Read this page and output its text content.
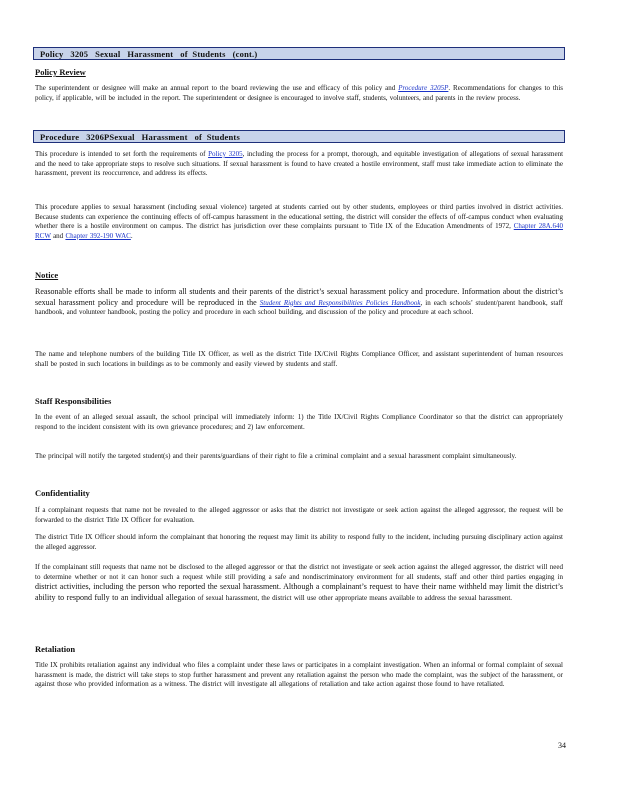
Policy   3205   Sexual   Harassment   of  Students   (cont.)
Policy Review
The superintendent or designee will make an annual report to the board reviewing the use and efficacy of this policy and Procedure 3205P. Recommendations for changes to this policy, if applicable, will be included in the report. The superintendent or designee is encouraged to involve staff, students, volunteers, and parents in the review process.
Procedure   3206PSexual   Harassment   of  Students
This procedure is intended to set forth the requirements of Policy 3205, including the process for a prompt, thorough, and equitable investigation of allegations of sexual harassment and the need to take appropriate steps to resolve such situations. If sexual harassment is found to have created a hostile environment, staff must take immediate action to eliminate the harassment, prevent its reoccurrence, and address its effects.
This procedure applies to sexual harassment (including sexual violence) targeted at students carried out by other students, employees or third parties involved in district activities. Because students can experience the continuing effects of off-campus harassment in the educational setting, the district will consider the effects of off-campus conduct when evaluating whether there is a hostile environment on campus. The district has jurisdiction over these complaints pursuant to Title IX of the Education Amendments of 1972, Chapter 28A.640 RCW and Chapter 392-190 WAC.
Notice
Reasonable efforts shall be made to inform all students and their parents of the district’s sexual harassment policy and procedure. Information about the district’s sexual harassment policy and procedure will be reproduced in the Student Rights and Responsibilities Policies Handbook, in each schools’ student/parent handbook, staff handbook, and volunteer handbook, posting the policy and procedure in each school building, and discussion of the policy and procedure at each school.
The name and telephone numbers of the building Title IX Officer, as well as the district Title IX/Civil Rights Compliance Officer, and assistant superintendent of human resources shall be posted in such locations in buildings as to be commonly and easily viewed by students and staff.
Staff Responsibilities
In the event of an alleged sexual assault, the school principal will immediately inform: 1) the Title IX/Civil Rights Compliance Coordinator so that the district can appropriately respond to the incident consistent with its own grievance procedures; and 2) law enforcement.
The principal will notify the targeted student(s) and their parents/guardians of their right to file a criminal complaint and a sexual harassment complaint simultaneously.
Confidentiality
If a complainant requests that name not be revealed to the alleged aggressor or asks that the district not investigate or seek action against the alleged aggressor, the request will be forwarded to the district Title IX Officer for evaluation.
The district Title IX Officer should inform the complainant that honoring the request may limit its ability to respond fully to the incident, including pursuing disciplinary action against the alleged aggressor.
If the complainant still requests that name not be disclosed to the alleged aggressor or that the district not investigate or seek action against the alleged aggressor, the district will need to determine whether or not it can honor such a request while still providing a safe and nondiscriminatory environment for all students, staff and other third parties engaging in district activities, including the person who reported the sexual harassment. Although a complainant’s request to have their name withheld may limit the district’s ability to respond fully to an individual allegation of sexual harassment, the district will use other appropriate means available to address the sexual harassment.
Retaliation
Title IX prohibits retaliation against any individual who files a complaint under these laws or participates in a complaint investigation. When an informal or formal complaint of sexual harassment is made, the district will take steps to stop further harassment and prevent any retaliation against the person who made the complaint, was the subject of the harassment, or against those who provided information as a witness. The district will investigate all allegations of retaliation and take action against those found to have retaliated.
34
